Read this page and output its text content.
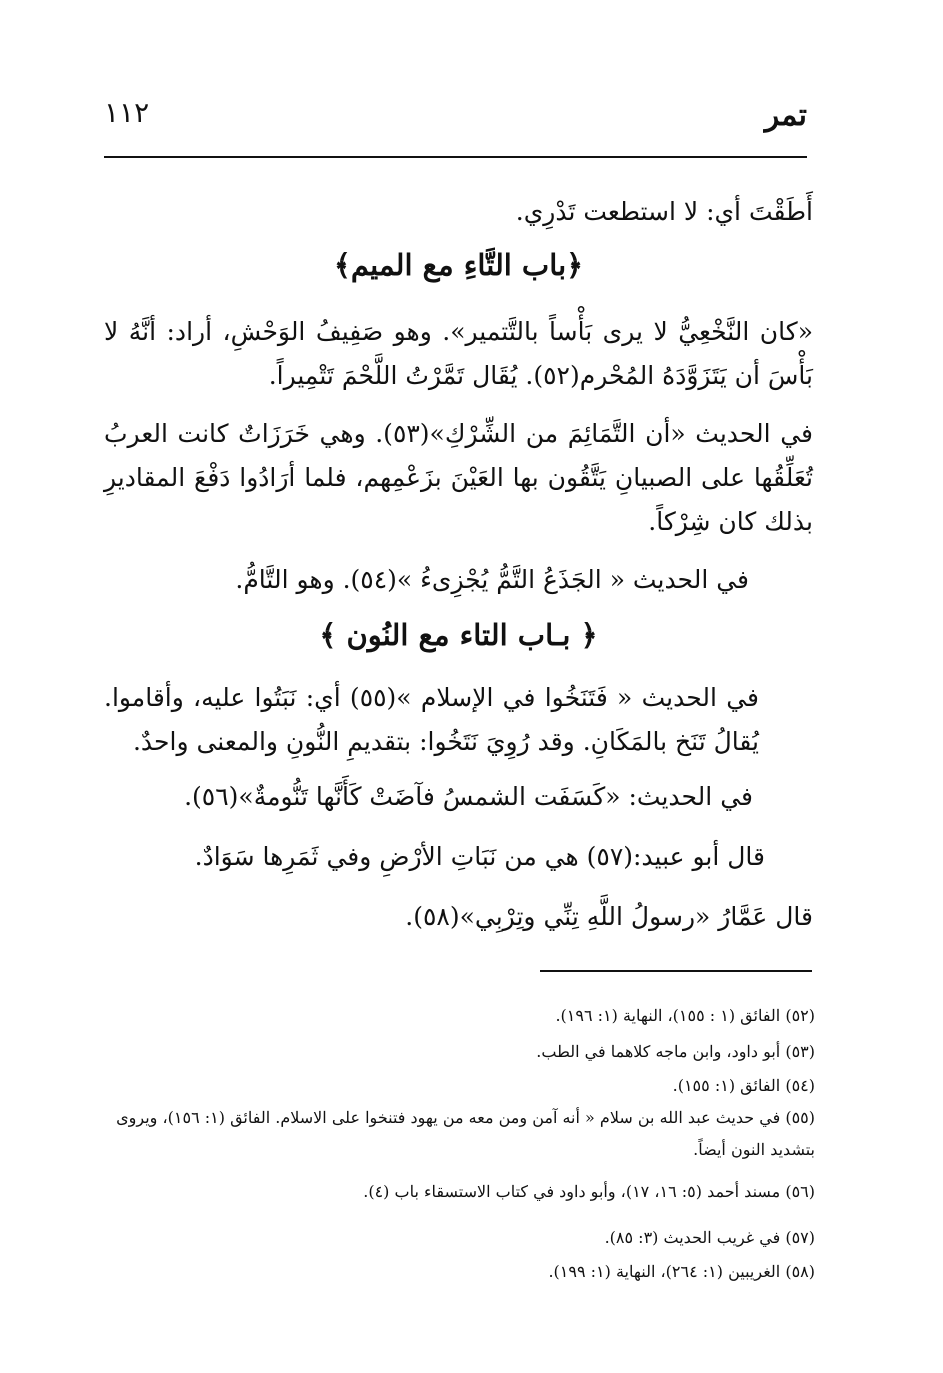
١١٢	تمر

أَطَقْتَ أي: لا استطعت تَدْرِي.

﴿باب التَّاءِ مع الميم﴾

«كان النَّخْعِيُّ لا يرى بَأْساً بالتَّتمير». وهو صَفِيفُ الوَحْشِ، أراد: أنَّهُ لا بَأْسَ أن يَتَزَوَّدَهُ المُحْرم(٥٢). يُقَال تَمَّرْتُ اللَّحْمَ تَتْمِيراً.

في الحديث «أن التَّمَائِمَ من الشِّرْكِ»(٥٣). وهي خَرَزَاتٌ كانت العربُ تُعَلِّقُها على الصبيانِ يَتَّقُون بها العَيْنَ بزَعْمِهم، فلما أرَادُوا دَفْعَ المقاديرِ بذلك كان شِرْكاً.

في الحديث « الجَذَعُ التَّمُّ يُجْزِىءُ »(٥٤). وهو التَّامُّ.

﴿ بـاب التاء مع النُون ﴾

في الحديث « فَتَنَخُوا في الإسلام »(٥٥) أي: نَبَتُوا عليه، وأقاموا. يُقالُ تَنَخ بالمَكَانِ. وقد رُوِيَ نَتَخُوا: بتقديمِ النُّونِ والمعنى واحدٌ.

في الحديث: «كَسَفَت الشمسُ فآضَتْ كَأَنَّها تَنُّومةٌ»(٥٦).

قال أبو عبيد:(٥٧) هي من نَبَاتِ الأرْضِ وفي ثَمَرِها سَوَادٌ.

قال عَمَّارُ «رسولُ اللَّهِ تِنِّي وتِرْبِي»(٥٨).

(٥٢) الفائق (١ : ١٥٥)، النهاية (١: ١٩٦).

(٥٣) أبو داود، وابن ماجه كلاهما في الطب.

(٥٤) الفائق (١: ١٥٥).

(٥٥) في حديث عبد الله بن سلام « أنه آمن ومن معه من يهود فتنخوا على الاسلام. الفائق (١: ١٥٦)، ويروى بتشديد النون أيضاً.

(٥٦) مسند أحمد (٥: ١٦، ١٧)، وأبو داود في كتاب الاستسقاء باب (٤).

(٥٧) في غريب الحديث (٣: ٨٥).

(٥٨) الغريبين (١: ٢٦٤)، النهاية (١: ١٩٩).
